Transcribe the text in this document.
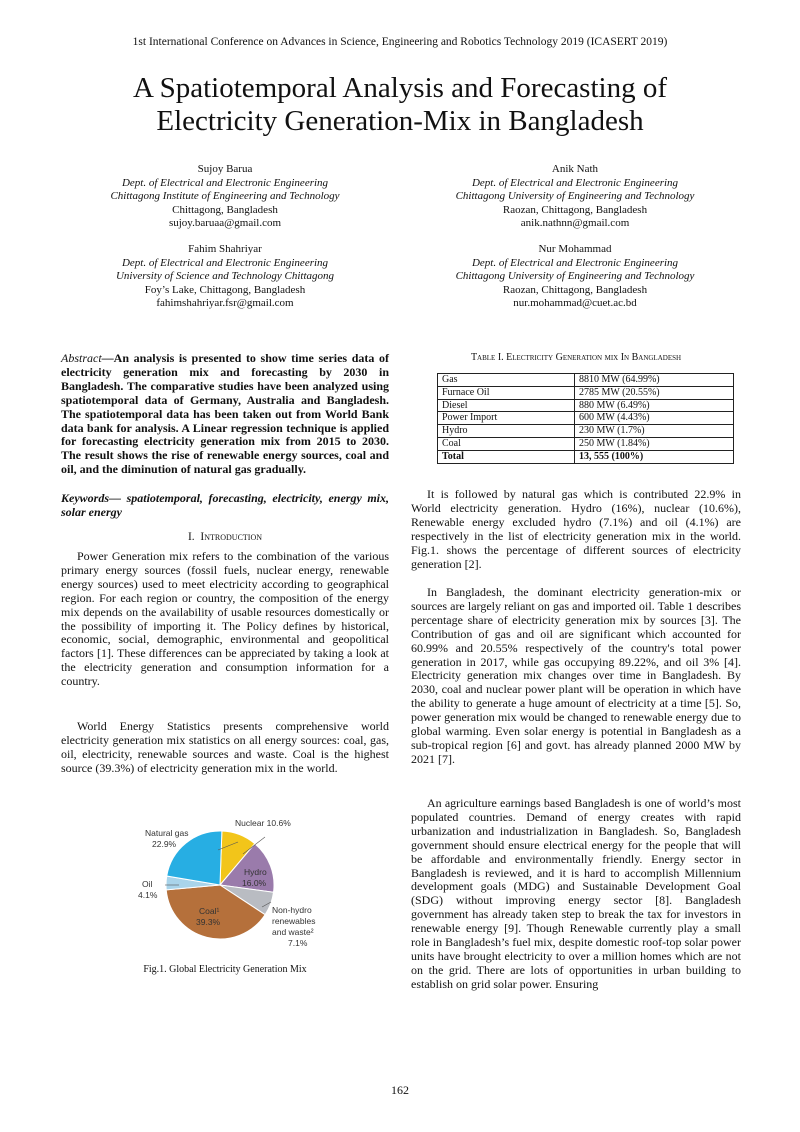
1st International Conference on Advances in Science, Engineering and Robotics Technology 2019 (ICASERT 2019)
A Spatiotemporal Analysis and Forecasting of
Electricity Generation-Mix in Bangladesh
Sujoy Barua
Dept. of Electrical and Electronic Engineering
Chittagong Institute of Engineering and Technology
Chittagong, Bangladesh
sujoy.baruaa@gmail.com
Anik Nath
Dept. of Electrical and Electronic Engineering
Chittagong University of Engineering and Technology
Raozan, Chittagong, Bangladesh
anik.nathnn@gmail.com
Fahim Shahriyar
Dept. of Electrical and Electronic Engineering
University of Science and Technology Chittagong
Foy’s Lake, Chittagong, Bangladesh
fahimshahriyar.fsr@gmail.com
Nur Mohammad
Dept. of Electrical and Electronic Engineering
Chittagong University of Engineering and Technology
Raozan, Chittagong, Bangladesh
nur.mohammad@cuet.ac.bd
Abstract—An analysis is presented to show time series data of electricity generation mix and forecasting by 2030 in Bangladesh. The comparative studies have been analyzed using spatiotemporal data of Germany, Australia and Bangladesh. The spatiotemporal data has been taken out from World Bank data bank for analysis. A Linear regression technique is applied for forecasting electricity generation mix from 2015 to 2030. The result shows the rise of renewable energy sources, coal and oil, and the diminution of natural gas gradually.
Keywords— spatiotemporal, forecasting, electricity, energy mix, solar energy
I. Introduction

Power Generation mix refers to the combination of the various primary energy sources (fossil fuels, nuclear energy, renewable energy sources) used to meet electricity according to geographical region. For each region or country, the composition of the energy mix depends on the availability of usable resources domestically or the possibility of importing it. The Policy defines by historical, economic, social, demographic, environmental and geopolitical factors [1]. These differences can be appreciated by taking a look at the electricity generation and consumption information for a country.

World Energy Statistics presents comprehensive world electricity generation mix statistics on all energy sources: coal, gas, oil, electricity, renewable sources and waste. Coal is the highest source (39.3%) of electricity generation mix in the world.

Nuclear 10.6%
Natural gas
22.9%
Hydro
16.0%
Oil
4.1%
Coal¹
39.3%
Non-hydro
renewables
and waste²
7.1%
Fig.1. Global Electricity Generation Mix
Table I. Electricity Generation mix In Bangladesh
Gas	8810 MW (64.99%)
Furnace Oil	2785 MW (20.55%)
Diesel	880 MW (6.49%)
Power Import	600 MW (4.43%)
Hydro	230 MW (1.7%)
Coal	250 MW (1.84%)
Total	13, 555 (100%)

It is followed by natural gas which is contributed 22.9% in World electricity generation. Hydro (16%), nuclear (10.6%), Renewable energy excluded hydro (7.1%) and oil (4.1%) are respectively in the list of electricity generation mix in the world. Fig.1. shows the percentage of different sources of electricity generation [2].

In Bangladesh, the dominant electricity generation-mix or sources are largely reliant on gas and imported oil. Table 1 describes percentage share of electricity generation mix by sources [3]. The Contribution of gas and oil are significant which accounted for 60.99% and 20.55% respectively of the country's total power generation in 2017, while gas occupying 89.22%, and oil 3% [4]. Electricity generation mix changes over time in Bangladesh. By 2030, coal and nuclear power plant will be operation in which have the ability to generate a huge amount of electricity at a time [5]. So, power generation mix would be changed to renewable energy due to global warming. Even solar energy is potential in Bangladesh as a sub-tropical region [6] and govt. has already planned 2000 MW by 2021 [7].

An agriculture earnings based Bangladesh is one of world’s most populated countries. Demand of energy creates with rapid urbanization and industrialization in Bangladesh. So, Bangladesh government should ensure electrical energy for the people that will be affordable and environmentally friendly. Energy sector in Bangladesh is reviewed, and it is hard to accomplish Millennium development goals (MDG) and Sustainable Development Goal (SDG) without improving energy sector [8]. Bangladesh government has already taken step to break the tax for investors in renewable energy [9]. Though Renewable currently play a small role in Bangladesh’s fuel mix, despite domestic roof-top solar power units have brought electricity to over a million homes which are not on the grid. There are lots of opportunities in urban building to establish on grid solar power. Ensuring

162
